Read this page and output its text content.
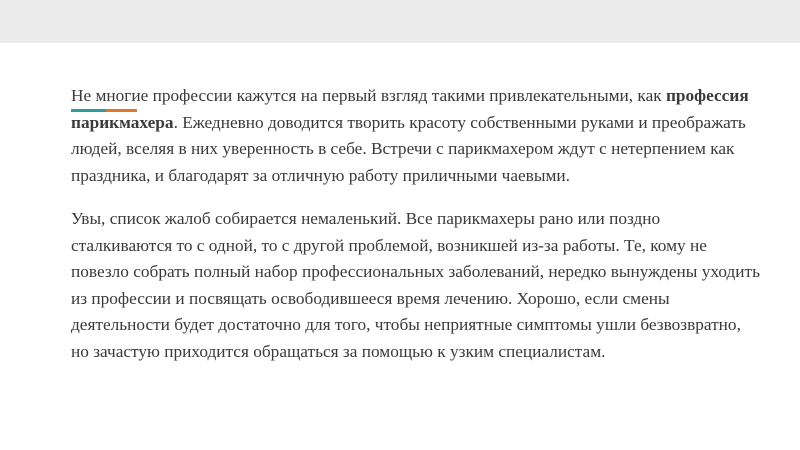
Не многие
профессии кажутся на первый взгляд такими привлекательными, как профессия парикмахера. Ежедневно доводится творить красоту собственными руками и преображать людей, вселяя в них уверенность в себе. Встречи с парикмахером ждут с нетерпением как праздника, и благодарят за отличную работу приличными чаевыми.

Увы, список жалоб собирается немаленький. Все парикмахеры рано или поздно сталкиваются то с одной, то с другой проблемой, возникшей из-за работы. Те, кому не повезло собрать полный набор профессиональных заболеваний, нередко вынуждены уходить из профессии и посвящать освободившееся время лечению. Хорошо, если смены деятельности будет достаточно для того, чтобы неприятные симптомы ушли безвозвратно, но зачастую приходится обращаться за помощью к узким специалистам.
